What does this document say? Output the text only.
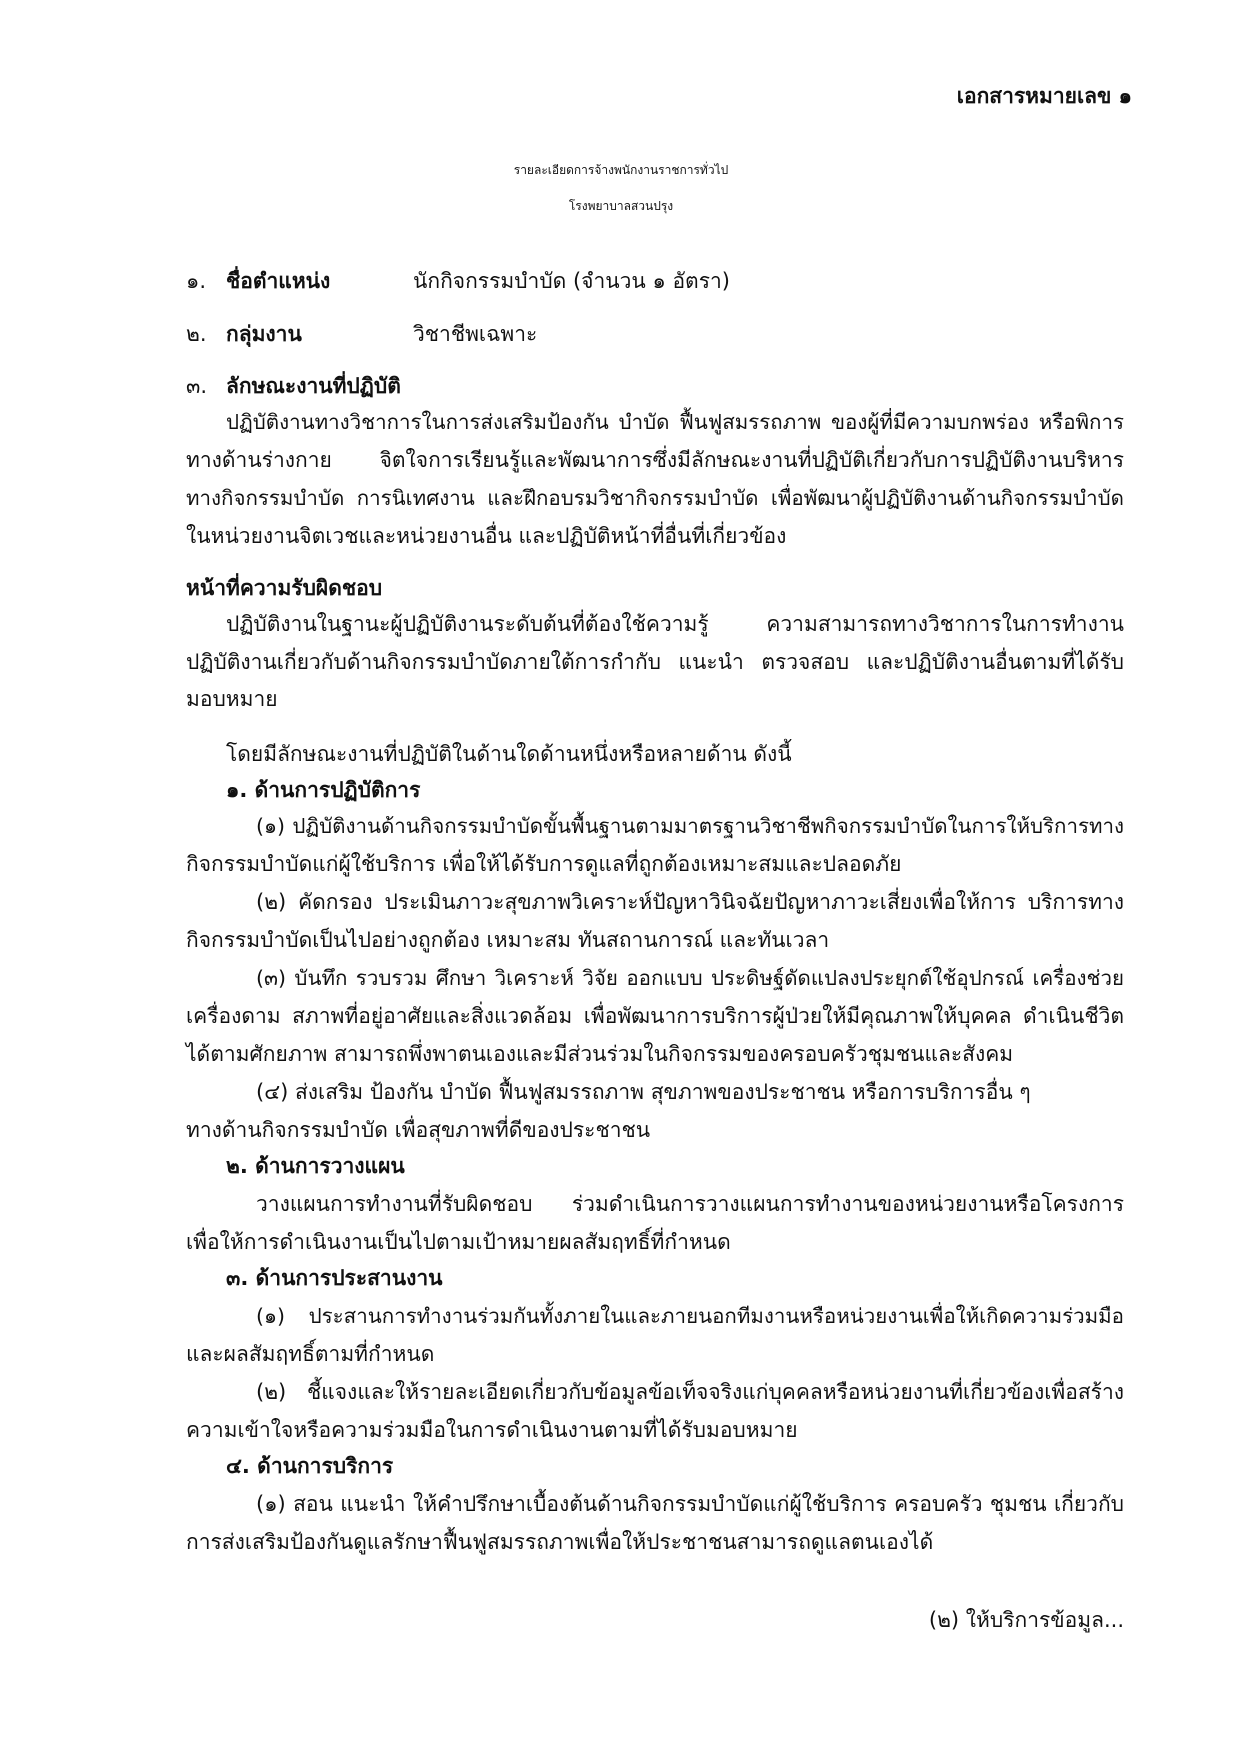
เอกสารหมายเลข ๑
รายละเอียดการจ้างพนักงานราชการทั่วไป
โรงพยาบาลสวนปรุง
๑. ชื่อตำแหน่ง	นักกิจกรรมบำบัด (จำนวน ๑ อัตรา)
๒. กลุ่มงาน	วิชาชีพเฉพาะ
๓. ลักษณะงานที่ปฏิบัติ
ปฏิบัติงานทางวิชาการในการส่งเสริมป้องกัน บำบัด ฟื้นฟูสมรรถภาพ ของผู้ที่มีความบกพร่อง หรือพิการ
ทางด้านร่างกาย จิตใจการเรียนรู้และพัฒนาการซึ่งมีลักษณะงานที่ปฏิบัติเกี่ยวกับการปฏิบัติงานบริหาร
ทางกิจกรรมบำบัด การนิเทศงาน และฝึกอบรมวิชากิจกรรมบำบัด เพื่อพัฒนาผู้ปฏิบัติงานด้านกิจกรรมบำบัด
ในหน่วยงานจิตเวชและหน่วยงานอื่น และปฏิบัติหน้าที่อื่นที่เกี่ยวข้อง
หน้าที่ความรับผิดชอบ
ปฏิบัติงานในฐานะผู้ปฏิบัติงานระดับต้นที่ต้องใช้ความรู้ ความสามารถทางวิชาการในการทำงาน
ปฏิบัติงานเกี่ยวกับด้านกิจกรรมบำบัดภายใต้การกำกับ แนะนำ ตรวจสอบ และปฏิบัติงานอื่นตามที่ได้รับ
มอบหมาย
โดยมีลักษณะงานที่ปฏิบัติในด้านใดด้านหนึ่งหรือหลายด้าน ดังนี้
๑. ด้านการปฏิบัติการ
(๑) ปฏิบัติงานด้านกิจกรรมบำบัดขั้นพื้นฐานตามมาตรฐานวิชาชีพกิจกรรมบำบัดในการให้บริการทาง
กิจกรรมบำบัดแก่ผู้ใช้บริการ เพื่อให้ได้รับการดูแลที่ถูกต้องเหมาะสมและปลอดภัย
(๒) คัดกรอง ประเมินภาวะสุขภาพวิเคราะห์ปัญหาวินิจฉัยปัญหาภาวะเสี่ยงเพื่อให้การ บริการทาง
กิจกรรมบำบัดเป็นไปอย่างถูกต้อง เหมาะสม ทันสถานการณ์ และทันเวลา
(๓) บันทึก รวบรวม ศึกษา วิเคราะห์ วิจัย ออกแบบ ประดิษฐ์ดัดแปลงประยุกต์ใช้อุปกรณ์ เครื่องช่วย
เครื่องดาม สภาพที่อยู่อาศัยและสิ่งแวดล้อม เพื่อพัฒนาการบริการผู้ป่วยให้มีคุณภาพให้บุคคล ดำเนินชีวิต
ได้ตามศักยภาพ สามารถพึ่งพาตนเองและมีส่วนร่วมในกิจกรรมของครอบครัวชุมชนและสังคม
(๔) ส่งเสริม ป้องกัน บำบัด ฟื้นฟูสมรรถภาพ สุขภาพของประชาชน หรือการบริการอื่น ๆ
ทางด้านกิจกรรมบำบัด เพื่อสุขภาพที่ดีของประชาชน
๒. ด้านการวางแผน
วางแผนการทำงานที่รับผิดชอบ ร่วมดำเนินการวางแผนการทำงานของหน่วยงานหรือโครงการ
เพื่อให้การดำเนินงานเป็นไปตามเป้าหมายผลสัมฤทธิ์ที่กำหนด
๓. ด้านการประสานงาน
(๑) ประสานการทำงานร่วมกันทั้งภายในและภายนอกทีมงานหรือหน่วยงานเพื่อให้เกิดความร่วมมือ
และผลสัมฤทธิ์ตามที่กำหนด
(๒) ชี้แจงและให้รายละเอียดเกี่ยวกับข้อมูลข้อเท็จจริงแก่บุคคลหรือหน่วยงานที่เกี่ยวข้องเพื่อสร้าง
ความเข้าใจหรือความร่วมมือในการดำเนินงานตามที่ได้รับมอบหมาย
๔. ด้านการบริการ
(๑) สอน แนะนำ ให้คำปรึกษาเบื้องต้นด้านกิจกรรมบำบัดแก่ผู้ใช้บริการ ครอบครัว ชุมชน เกี่ยวกับ
การส่งเสริมป้องกันดูแลรักษาฟื้นฟูสมรรถภาพเพื่อให้ประชาชนสามารถดูแลตนเองได้
(๒) ให้บริการข้อมูล...
